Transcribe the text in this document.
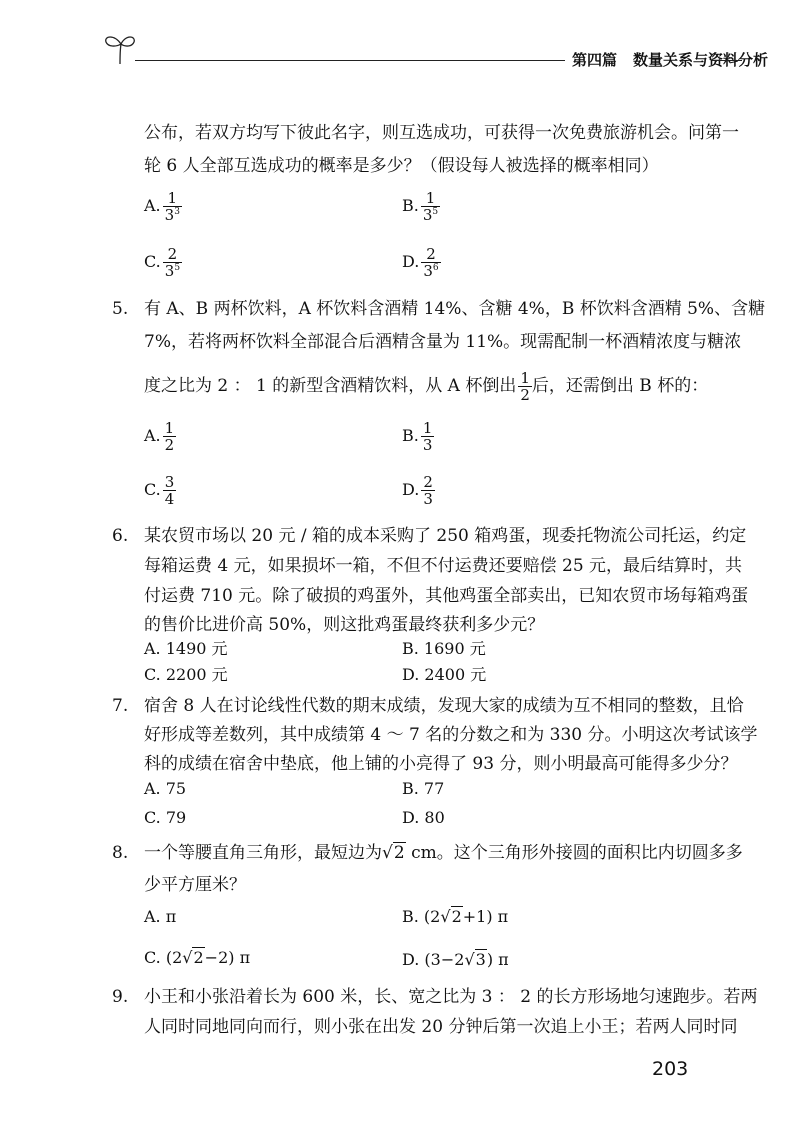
第四篇 数量关系与资料分析
公布，若双方均写下彼此名字，则互选成功，可获得一次免费旅游机会。问第一
轮 6 人全部互选成功的概率是多少？（假设每人被选择的概率相同）
A. $\frac{1}{3^3}$	B. $\frac{1}{3^5}$
C. $\frac{2}{3^5}$	D. $\frac{2}{3^6}$
5. 有 A、B 两杯饮料，A 杯饮料含酒精 14%、含糖 4%，B 杯饮料含酒精 5%、含糖
7%，若将两杯饮料全部混合后酒精含量为 11%。现需配制一杯酒精浓度与糖浓
度之比为 2 ： 1 的新型含酒精饮料，从 A 杯倒出 $\frac{1}{2}$ 后，还需倒出 B 杯的：
A. $\frac{1}{2}$	B. $\frac{1}{3}$
C. $\frac{3}{4}$	D. $\frac{2}{3}$
6. 某农贸市场以 20 元 / 箱的成本采购了 250 箱鸡蛋，现委托物流公司托运，约定
每箱运费 4 元，如果损坏一箱，不但不付运费还要赔偿 25 元，最后结算时，共
付运费 710 元。除了破损的鸡蛋外，其他鸡蛋全部卖出，已知农贸市场每箱鸡蛋
的售价比进价高 50%，则这批鸡蛋最终获利多少元？
A. 1490 元	B. 1690 元
C. 2200 元	D. 2400 元
7. 宿舍 8 人在讨论线性代数的期末成绩，发现大家的成绩为互不相同的整数，且恰
好形成等差数列，其中成绩第 4 ～ 7 名的分数之和为 330 分。小明这次考试该学
科的成绩在宿舍中垫底，他上铺的小亮得了 93 分，则小明最高可能得多少分？
A. 75	B. 77
C. 79	D. 80
8. 一个等腰直角三角形，最短边为√2 cm。这个三角形外接圆的面积比内切圆多多
少平方厘米？
A. π	B. (2√2+1) π
C. (2√2−2) π	D. (3−2√3) π
9. 小王和小张沿着长为 600 米，长、宽之比为 3 ： 2 的长方形场地匀速跑步。若两
人同时同地同向而行，则小张在出发 20 分钟后第一次追上小王；若两人同时同
203
